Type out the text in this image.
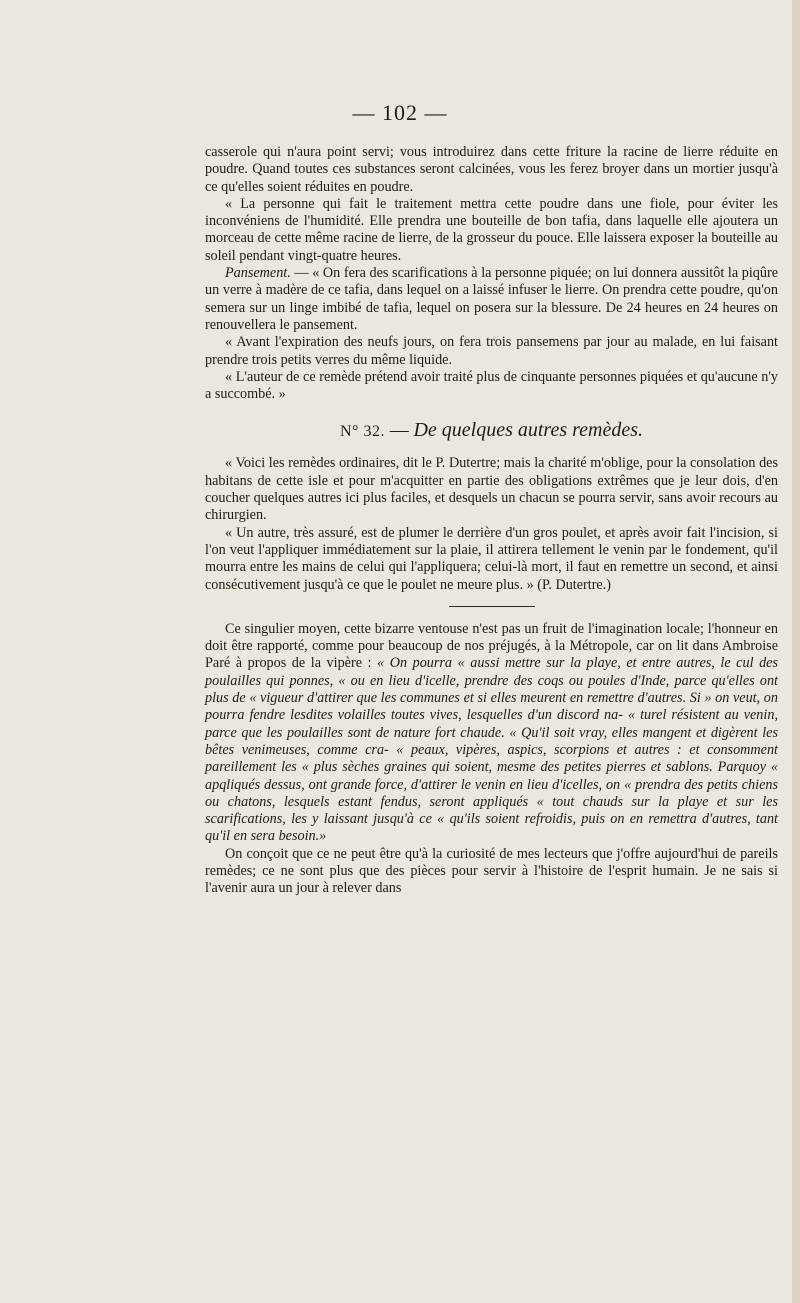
— 102 —

casserole qui n'aura point servi; vous introduirez dans cette friture la racine de lierre réduite en poudre. Quand toutes ces substances seront calcinées, vous les ferez broyer dans un mortier jusqu'à ce qu'elles soient réduites en poudre.

« La personne qui fait le traitement mettra cette poudre dans une fiole, pour éviter les inconvéniens de l'humidité. Elle prendra une bouteille de bon tafia, dans laquelle elle ajoutera un morceau de cette même racine de lierre, de la grosseur du pouce. Elle laissera exposer la bouteille au soleil pendant vingt-quatre heures.

Pansement. — « On fera des scarifications à la personne piquée; on lui donnera aussitôt la piqûre un verre à madère de ce tafia, dans lequel on a laissé infuser le lierre. On prendra cette poudre, qu'on semera sur un linge imbibé de tafia, lequel on posera sur la blessure. De 24 heures en 24 heures on renouvellera le pansement.

« Avant l'expiration des neufs jours, on fera trois pansemens par jour au malade, en lui faisant prendre trois petits verres du même liquide.

« L'auteur de ce remède prétend avoir traité plus de cinquante personnes piquées et qu'aucune n'y a succombé. »

N° 32. — De quelques autres remèdes.

« Voici les remèdes ordinaires, dit le P. Dutertre; mais la charité m'oblige, pour la consolation des habitans de cette isle et pour m'acquitter en partie des obligations extrêmes que je leur dois, d'en coucher quelques autres ici plus faciles, et desquels un chacun se pourra servir, sans avoir recours au chirurgien.

« Un autre, très assuré, est de plumer le derrière d'un gros poulet, et après avoir fait l'incision, si l'on veut l'appliquer immédiatement sur la plaie, il attirera tellement le venin par le fondement, qu'il mourra entre les mains de celui qui l'appliquera; celui-là mort, il faut en remettre un second, et ainsi consécutivement jusqu'à ce que le poulet ne meure plus. » (P. Dutertre.)

Ce singulier moyen, cette bizarre ventouse n'est pas un fruit de l'imagination locale; l'honneur en doit être rapporté, comme pour beaucoup de nos préjugés, à la Métropole, car on lit dans Ambroise Paré à propos de la vipère : « On pourra « aussi mettre sur la playe, et entre autres, le cul des poulailles qui ponnes, « ou en lieu d'icelle, prendre des coqs ou poules d'Inde, parce qu'elles ont plus de « vigueur d'attirer que les communes et si elles meurent en remettre d'autres. Si » on veut, on pourra fendre lesdites volailles toutes vives, lesquelles d'un discord na- « turel résistent au venin, parce que les poulailles sont de nature fort chaude. « Qu'il soit vray, elles mangent et digèrent les bêtes venimeuses, comme cra- « peaux, vipères, aspics, scorpions et autres : et consomment pareillement les « plus sèches graines qui soient, mesme des petites pierres et sablons. Parquoy « apqliqués dessus, ont grande force, d'attirer le venin en lieu d'icelles, on « prendra des petits chiens ou chatons, lesquels estant fendus, seront appliqués « tout chauds sur la playe et sur les scarifications, les y laissant jusqu'à ce « qu'ils soient refroidis, puis on en remettra d'autres, tant qu'il en sera besoin.»

On conçoit que ce ne peut être qu'à la curiosité de mes lecteurs que j'offre aujourd'hui de pareils remèdes; ce ne sont plus que des pièces pour servir à l'histoire de l'esprit humain. Je ne sais si l'avenir aura un jour à relever dans
